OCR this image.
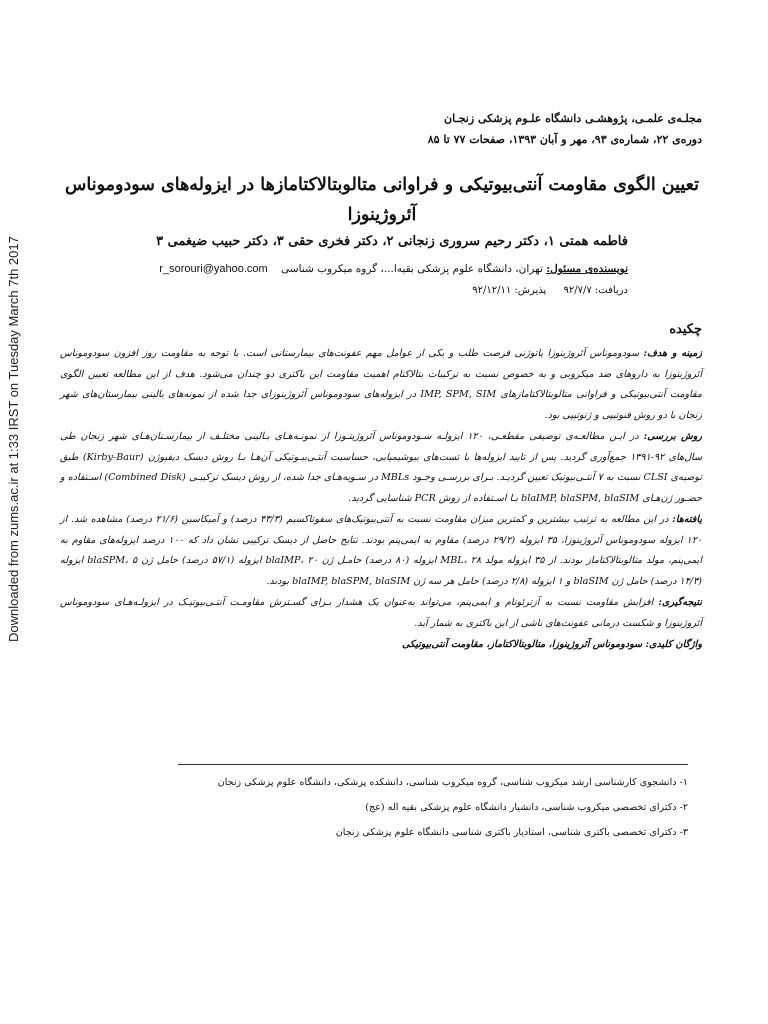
Downloaded from zums.ac.ir at 1:33 IRST on Tuesday March 7th 2017
مجلـه‌ی علمـی، پژوهشـی دانشگاه علـوم پزشکی زنجـان
دوره‌ی ۲۲، شماره‌ی ۹۳، مهر و آبان ۱۳۹۳، صفحات ۷۷ تا ۸۵
تعیین الگوی مقاومت آنتی‌بیوتیکی و فراوانی متالوبتالاکتامازها در ایزوله‌های سودوموناس آئروژینوزا
فاطمه همتی ۱، دکتر رحیم سروری زنجانی ۲، دکتر فخری حقی ۳، دکتر حبیب ضیغمی ۳
نویسنده‌ی مسئول: تهران، دانشگاه علوم پزشکی بقیه‌ا...، گروه میکروب شناسی    r_sorouri@yahoo.com
دریافت: ۹۲/۷/۷ پذیرش: ۹۲/۱۲/۱۱
چکیده

زمینه و هدف: سودوموناس آئروژینوزا پاتوژنی فرصت طلب و یکی از عوامل مهم عفونت‌های بیمارستانی است. با توجه به مقاومت روز افزون سودوموناس آئروژینوزا به داروهای ضد میکروبی و به خصوص نسبت به ترکیبات بتالاکتام اهمیت مقاومت این باکتری دو چندان می‌شود. هدف از این مطالعه تعیین الگوی مقاومت آنتی‌بیوتیکی و فراوانی متالوبتالاکتامازهای IMP, SPM, SIM در ایزوله‌های سودوموناس آئروژینوزای جدا شده از نمونه‌های بالینی بیمارستان‌های شهر زنجان با دو روش فنوتیپی و ژنوتیپی بود.

روش بررسی: در ایـن مطالعـه‌ی توصیفی مقطعـی، ۱۲۰ ایزولـه سـودوموناس آئروژینـوزا از نمونـه‌هـای بـالینی مختلـف از بیمارسـتان‌هـای شهر زنجان طی سال‌های ۹۲-۱۳۹۱ جمع‌آوری گردید. پس از تایید ایزوله‌ها با تست‌های بیوشیمیایی، حساسیت آنتـی‌بیـوتیکی آن‌هـا بـا روش دیسک دیفیوژن (Kirby-Baur) طبق توصیه‌ی CLSI نسبت به ۷ آنتـی‌بیوتیک تعیین گردیـد. بـرای بررسـی وجـود MBLs در سـویه‌هـای جدا شده، از روش دیسک ترکیبـی (Combined Disk) اسـتفاده و حضـور ژن‌هـای blaIMP, blaSPM, blaSIM بـا اسـتفاده از روش PCR شناسایی گردید.

یافته‌ها: در این مطالعه به ترتیب بیشترین و کمترین میزان مقاومت نسبت به آنتی‌بیوتیک‌های سفوتاکسیم (۴۳/۳ درصد) و آمیکاسین (۲۱/۶ درصد) مشاهده شد. از ۱۲۰ ایزوله سودوموناس آئروژینوزا، ۳۵ ایزوله (۲۹/۲ درصد) مقاوم به ایمی‌پنم بودند. نتایج حاصل از دیسک ترکیبی نشان داد که ۱۰۰ درصد ایزوله‌های مقاوم به ایمی‌پنم، مولد متالوبتالاکتاماز بودند. از ۳۵ ایزوله مولد MBL، ۲۸ ایزوله (۸۰ درصد) حامـل ژن blaIMP، ۲۰ ایزوله (۵۷/۱ درصد) حامل ژن blaSPM، ۵ ایزوله (۱۴/۳ درصد) حامل ژن blaSIM و ۱ ایزوله (۲/۸ درصد) حامل هر سه ژن blaIMP, blaSPM, blaSIM بودند.

نتیجه‌گیری: افزایش مقاومت نسبت به آزترئونام و ایمی‌پنم، می‌تواند به‌عنوان یک هشدار بـرای گسـترش مقاومـت آنتـی‌بیوتیـک در ایزولـه‌هـای سودوموناس آئروژینوزا و شکست درمانی عفونت‌های ناشی از این باکتری به شمار آید.

واژگان کلیدی: سودوموناس آئروژینوزا، متالوبتالاکتاماز، مقاومت آنتی‌بیوتیکی

۱- دانشجوی کارشناسی ارشد میکروب شناسی، گروه میکروب شناسی، دانشکده پزشکی، دانشگاه علوم پزشکی زنجان
۲- دکترای تخصصی میکروب شناسی، دانشیار دانشگاه علوم پزشکی بقیه اله (عج)
۳- دکترای تخصصی باکتری شناسی، استادیار باکتری شناسی دانشگاه علوم پزشکی زنجان
